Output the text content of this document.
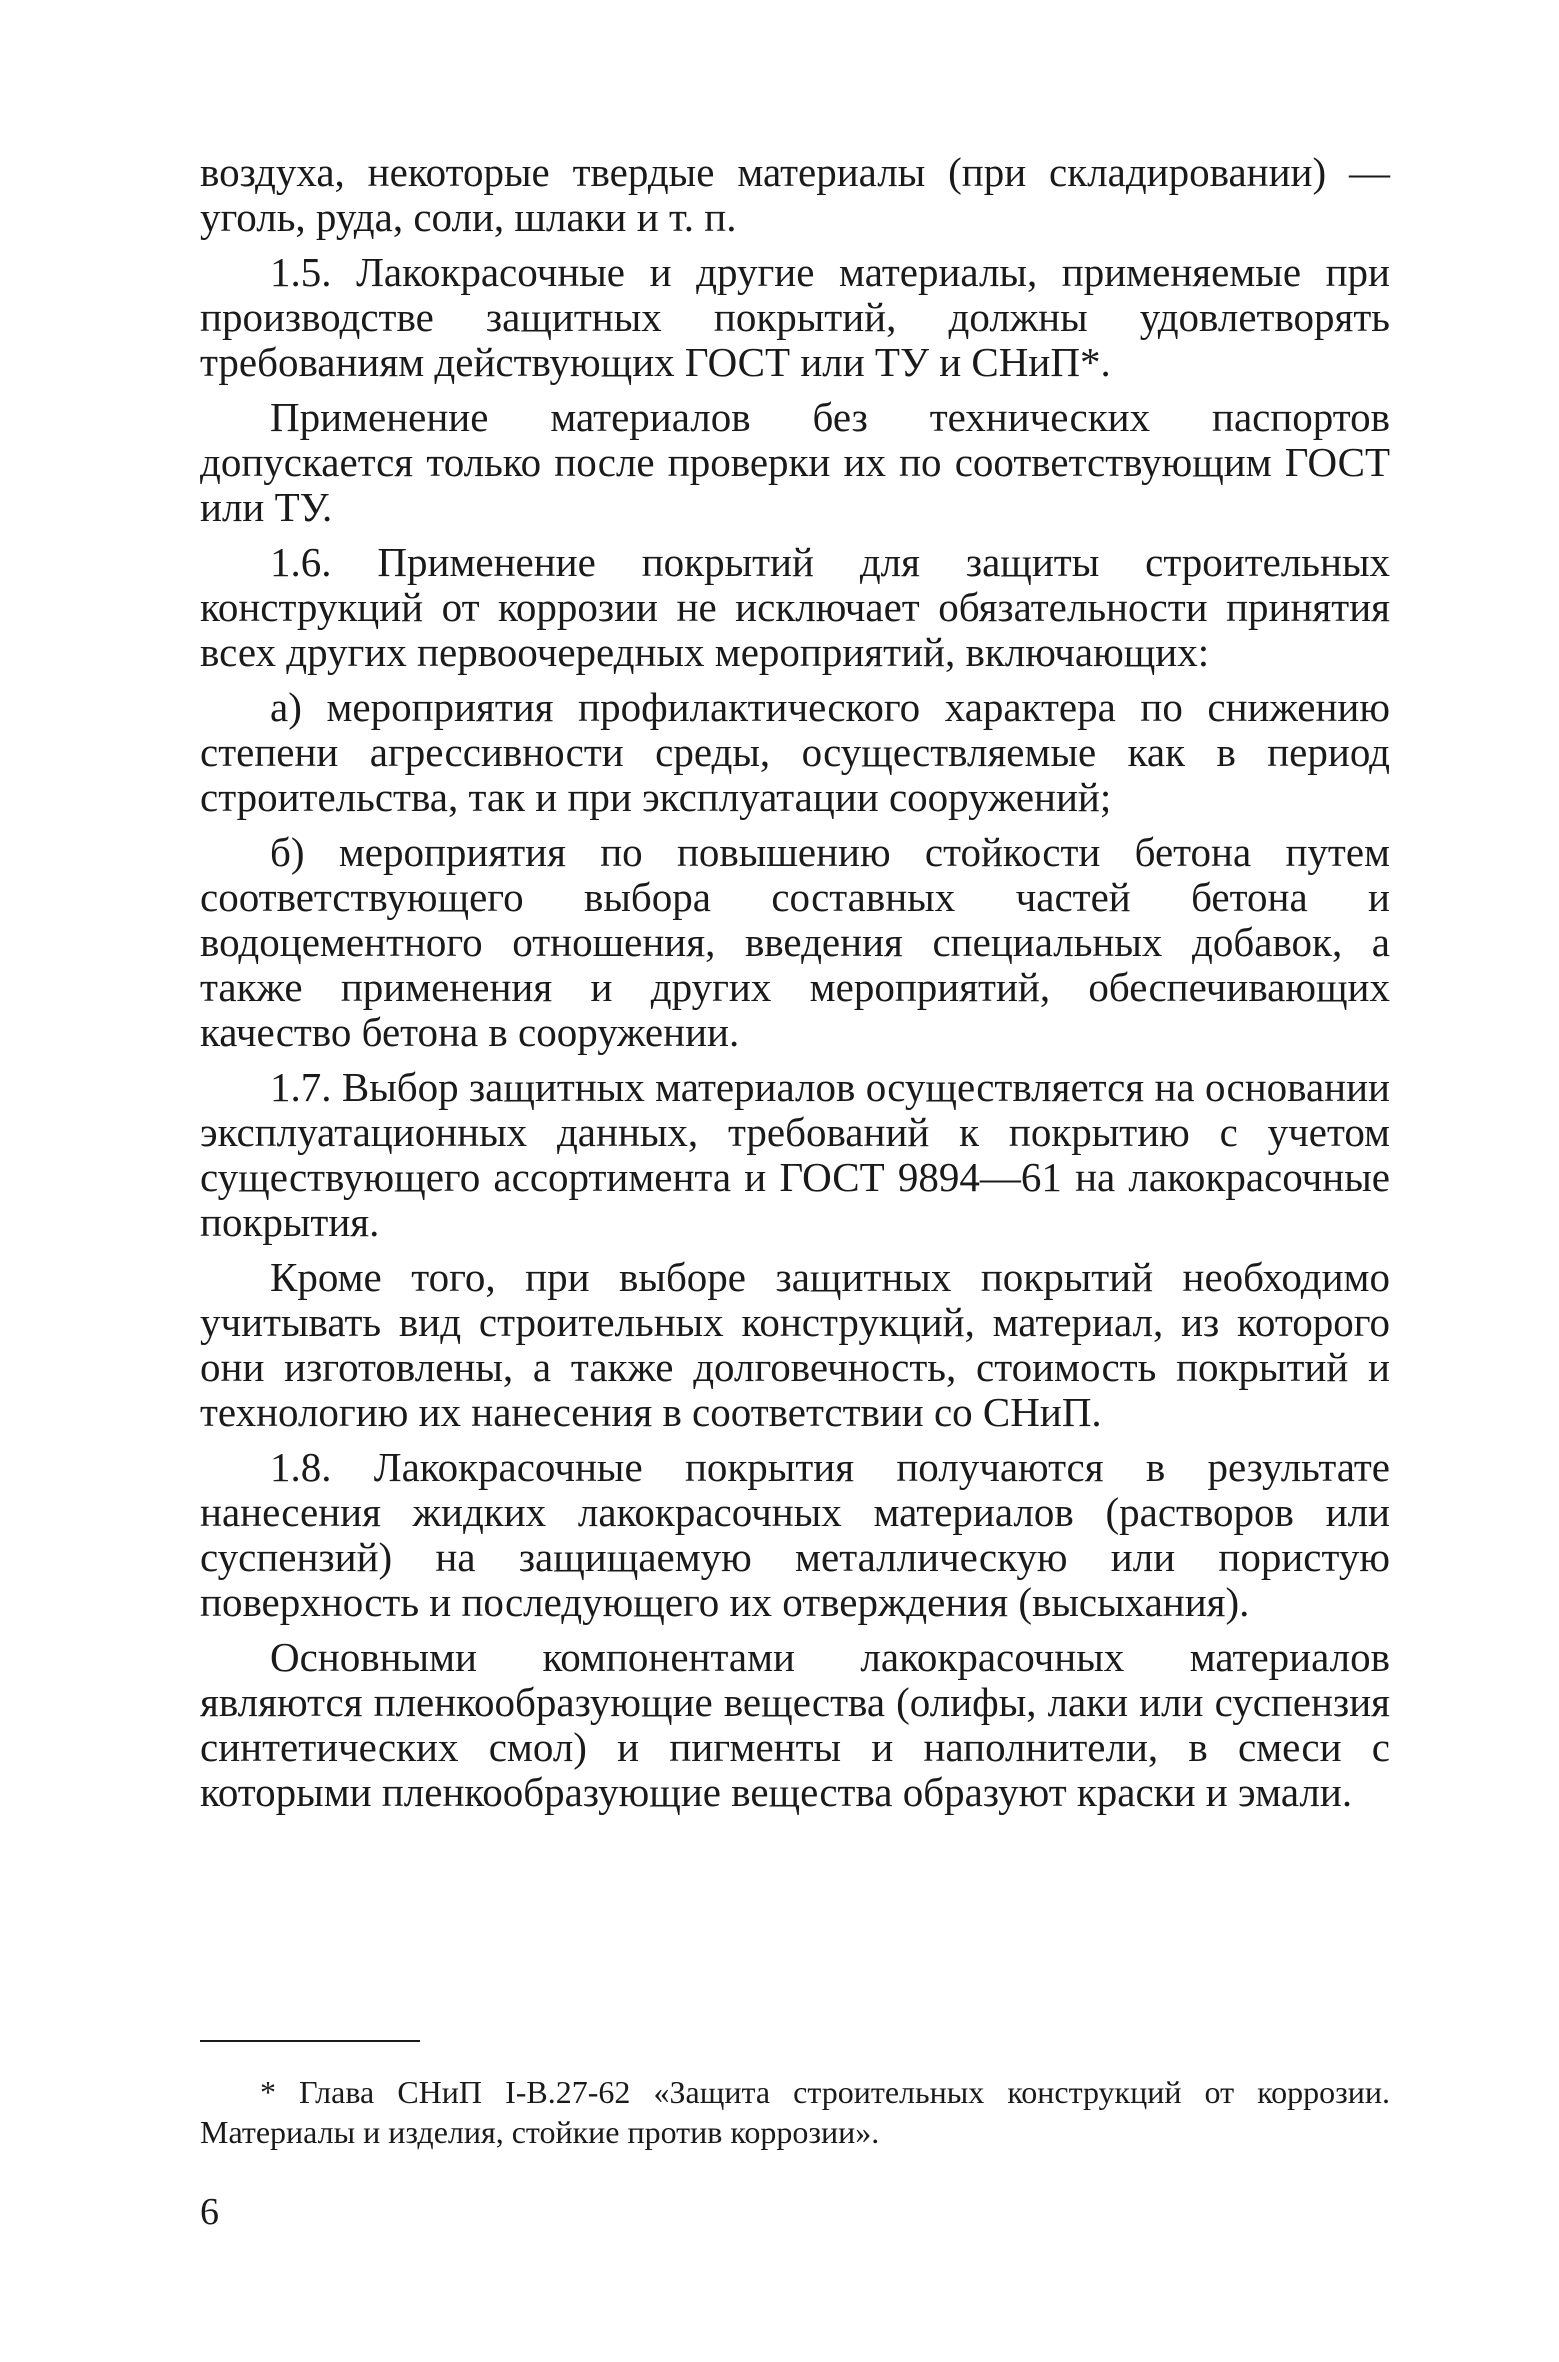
воздуха, некоторые твердые материалы (при складировании) —уголь, руда, соли, шлаки и т. п.

1.5. Лакокрасочные и другие материалы, применяемые при производстве защитных покрытий, должны удовлетворять требованиям действующих ГОСТ или ТУ и СНиП*.

Применение материалов без технических паспортов допускается только после проверки их по соответствующим ГОСТ или ТУ.

1.6. Применение покрытий для защиты строительных конструкций от коррозии не исключает обязательности принятия всех других первоочередных мероприятий, включающих:

а) мероприятия профилактического характера по снижению степени агрессивности среды, осуществляемые как в период строительства, так и при эксплуатации сооружений;

б) мероприятия по повышению стойкости бетона путем соответствующего выбора составных частей бетона и водоцементного отношения, введения специальных добавок, а также применения и других мероприятий, обеспечивающих качество бетона в сооружении.

1.7. Выбор защитных материалов осуществляется на основании эксплуатационных данных, требований к покрытию с учетом существующего ассортимента и ГОСТ 9894—61 на лакокрасочные покрытия.

Кроме того, при выборе защитных покрытий необходимо учитывать вид строительных конструкций, материал, из которого они изготовлены, а также долговечность, стоимость покрытий и технологию их нанесения в соответствии со СНиП.

1.8. Лакокрасочные покрытия получаются в результате нанесения жидких лакокрасочных материалов (растворов или суспензий) на защищаемую металлическую или пористую поверхность и последующего их отверждения (высыхания).

Основными компонентами лакокрасочных материалов являются пленкообразующие вещества (олифы, лаки или суспензия синтетических смол) и пигменты и наполнители, в смеси с которыми пленкообразующие вещества образуют краски и эмали.

* Глава СНиП I-В.27-62 «Защита строительных конструкций от коррозии. Материалы и изделия, стойкие против коррозии».
6
